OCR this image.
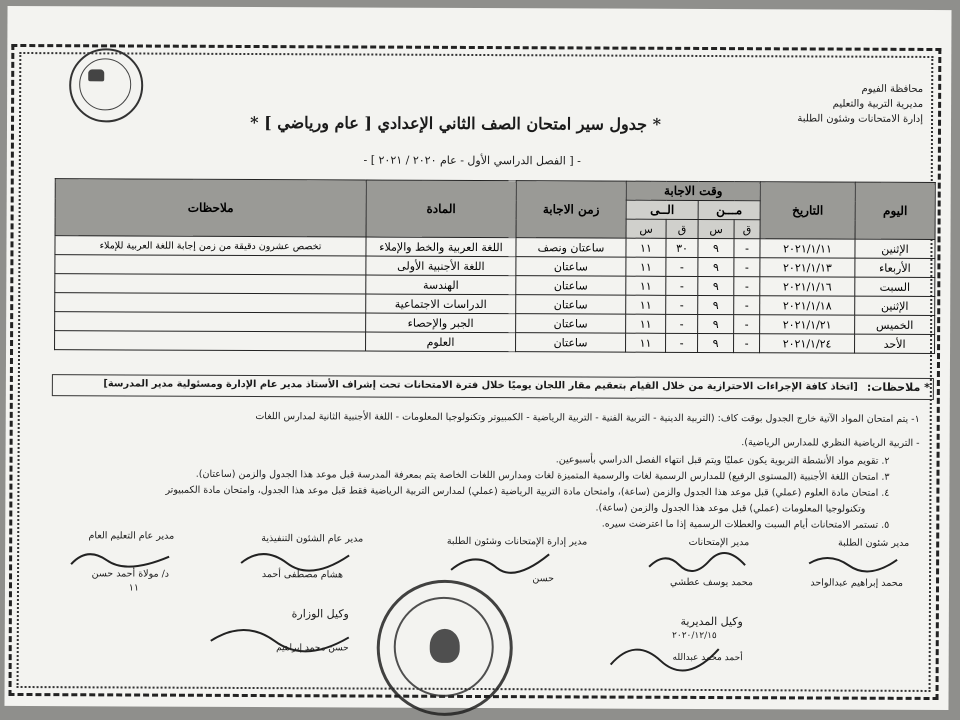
محافظة الفيوم
مديرية التربية والتعليم
إدارة الامتحانات وشئون الطلبة
* جدول سير امتحان الصف الثاني الإعدادي [ عام ورياضي ] *
- [ الفصل الدراسي الأول - عام ٢٠٢٠ / ٢٠٢١ ] -
اليوم	التاريخ	وقت الاجابة				زمن الاجابة	المادة	ملاحظات
		مـــن		الــى				
		ق	س	ق	س			
الإثنين	٢٠٢١/١/١١	-	٩	٣٠	١١	ساعتان ونصف	اللغة العربية والخط والإملاء	تخصص عشرون دقيقة من زمن إجابة اللغة العربية للإملاء
الأربعاء	٢٠٢١/١/١٣	-	٩	-	١١	ساعتان	اللغة الأجنبية الأولى	
السبت	٢٠٢١/١/١٦	-	٩	-	١١	ساعتان	الهندسة	
الإثنين	٢٠٢١/١/١٨	-	٩	-	١١	ساعتان	الدراسات الاجتماعية	
الخميس	٢٠٢١/١/٢١	-	٩	-	١١	ساعتان	الجبر والإحصاء	
الأحد	٢٠٢١/١/٢٤	-	٩	-	١١	ساعتان	العلوم	
* ملاحظات:
[اتخاذ كافة الإجراءات الاحترازية من خلال القيام بتعقيم مقار اللجان يوميًا خلال فترة الامتحانات تحت إشراف الأستاذ مدير عام الإدارة ومسئولية مدير المدرسة]
١- يتم امتحان المواد الآتية خارج الجدول بوقت كاف: (التربية الدينية - التربية الفنية - التربية الرياضية - الكمبيوتر وتكنولوجيا المعلومات - اللغة الأجنبية الثانية لمدارس اللغات
- التربية الرياضية النظري للمدارس الرياضية).
٢. تقويم مواد الأنشطة التربوية يكون عمليًا ويتم قبل انتهاء الفصل الدراسي بأسبوعين.
٣. امتحان اللغة الأجنبية (المستوى الرفيع) للمدارس الرسمية لغات والرسمية المتميزة لغات ومدارس اللغات الخاصة يتم بمعرفة المدرسة قبل موعد هذا الجدول والزمن (ساعتان).
٤. امتحان مادة العلوم (عملي) قبل موعد هذا الجدول والزمن (ساعة)، وامتحان مادة التربية الرياضية (عملي) لمدارس التربية الرياضية فقط قبل موعد هذا الجدول، وامتحان مادة الكمبيوتر
وتكنولوجيا المعلومات (عملي) قبل موعد هذا الجدول والزمن (ساعة).
٥. تستمر الامتحانات أيام السبت والعطلات الرسمية إذا ما اعترضت سيره.
مدير شئون الطلبة
محمد إبراهيم عبدالواحد
مدير الإمتحانات
محمد يوسف عطشي
مدير إدارة الإمتحانات وشئون الطلبة
حسن
مدير عام الشئون التنفيذية
هشام مصطفى أحمد
مدير عام التعليم العام
د/ مولاة أحمد حسن
١١
وكيل الوزارة
حسن محمد إبراهيم
وكيل المديرية
أحمد محمد عبدالله
٢٠٢٠/١٢/١٥
